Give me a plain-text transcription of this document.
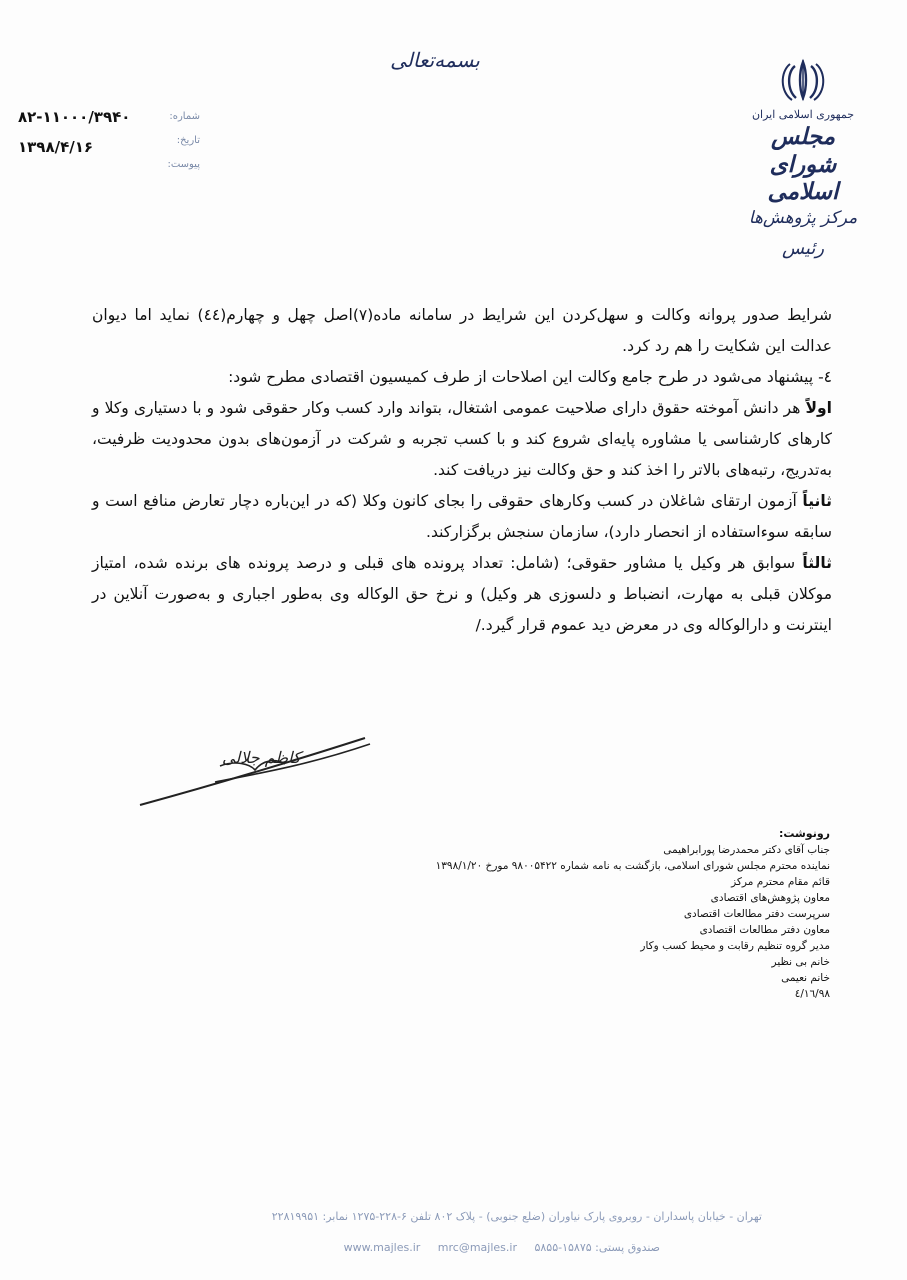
بسمه‌تعالی
جمهوری اسلامی ایران
مجلس شورای اسلامی
مرکز پژوهش‌ها
رئیس
شماره:
تاریخ:
پیوست:
۸۲-۱۱۰۰۰/۳۹۴۰
۱۳۹۸/۴/۱۶

شرایط صدور پروانه وکالت و سهل‌کردن این شرایط در سامانه ماده(۷)اصل چهل و چهارم(٤٤) نماید اما دیوان عدالت این شکایت را هم رد کرد.

٤- پیشنهاد می‌شود در طرح جامع وکالت این اصلاحات از طرف کمیسیون اقتصادی مطرح شود:

اولاً هر دانش آموخته حقوق دارای صلاحیت عمومی اشتغال، بتواند وارد کسب وکار حقوقی شود و با دستیاری وکلا و کارهای کارشناسی یا مشاوره پایه‌ای شروع کند و با کسب تجربه و شرکت در آزمون‌های بدون محدودیت ظرفیت، به‌تدریج، رتبه‌های بالاتر را اخذ کند و حق وکالت نیز دریافت کند.

ثانیاً آزمون ارتقای شاغلان در کسب وکارهای حقوقی را بجای کانون وکلا (که در این‌باره دچار تعارض منافع است و سابقه سوءاستفاده از انحصار دارد)، سازمان سنجش برگزارکند.

ثالثاً سوابق هر وکیل یا مشاور حقوقی؛ (شامل: تعداد پرونده های قبلی و درصد پرونده های برنده شده، امتیاز موکلان قبلی به مهارت، انضباط و دلسوزی هر وکیل) و نرخ حق الوکاله وی به‌طور اجباری و به‌صورت آنلاین در اینترنت و دارالوکاله وی در معرض دید عموم قرار گیرد./

کاظم جلالی
رونوشت:
جناب آقای دکتر محمدرضا پورابراهیمی
نماینده محترم مجلس شورای اسلامی، بازگشت به نامه شماره ۹۸۰۰۵۴۲۲ مورخ ۱۳۹۸/۱/۲۰
قائم مقام محترم مرکز
معاون پژوهش‌های اقتصادی
سرپرست دفتر مطالعات اقتصادی
معاون دفتر مطالعات اقتصادی
مدیر گروه تنظیم رقابت و محیط کسب وکار
خانم بی نظیر
خانم نعیمی
۹۸/٤/١٦
تهران - خیابان پاسداران - روبروی پارک نیاوران (ضلع جنوبی) - پلاک ۸۰۲ تلفن ۶-۲۲۸-۱۲۷۵ نمابر: ۲۲۸۱۹۹۵۱
صندوق پستی: ۱۵۸۷۵-۵۸۵۵ www.majles.ir mrc@majles.ir
